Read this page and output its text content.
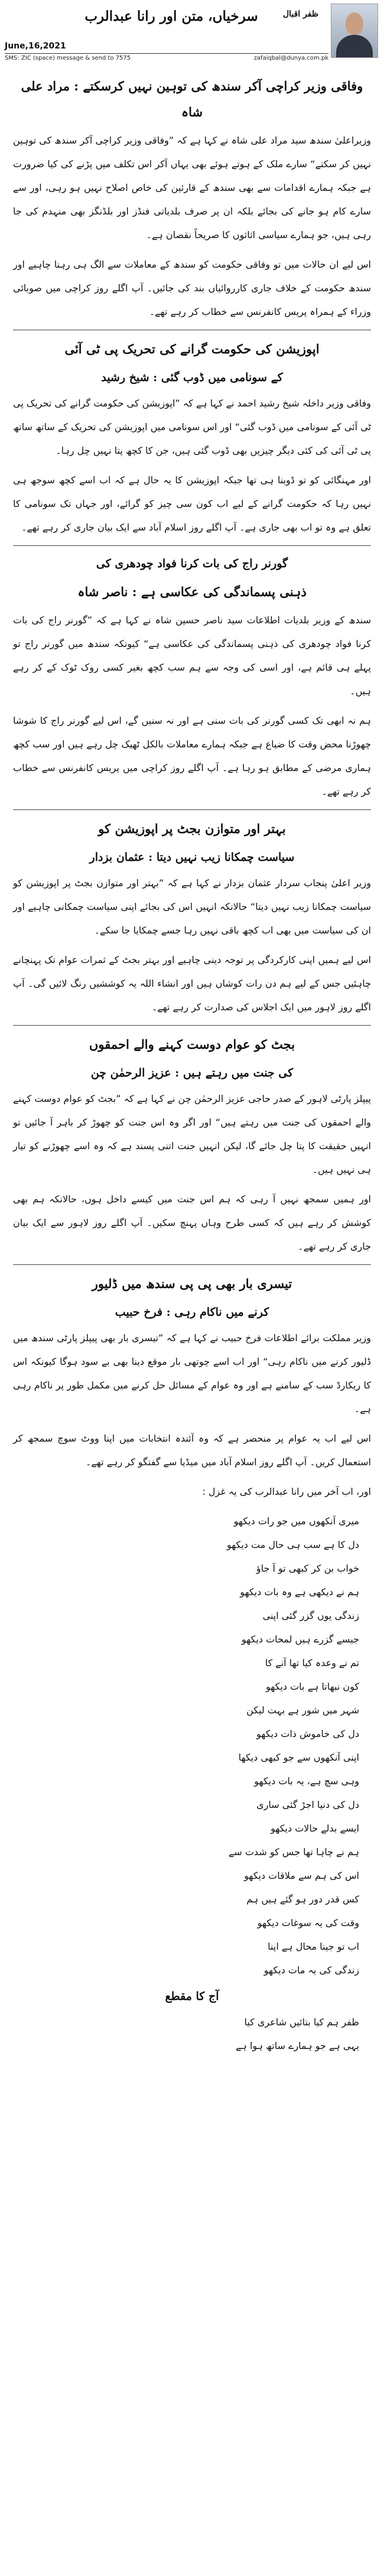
سرخیاں، متن اور رانا عبدالرب	ظفر اقبال
June,16,2021
SMS: ZIC (space) message & send to 7575	zafaiqbal@dunya.com.pk
وفاقی وزیر کراچی آکر سندھ کی توہین نہیں کرسکتے : مراد علی شاہ

وزیراعلیٰ سندھ سید مراد علی شاہ نے کہا ہے کہ ”وفاقی وزیر کراچی آکر سندھ کی توہین نہیں کر سکتے“ سارے ملک کے ہوتے ہوئے بھی یہاں آکر اس تکلف میں پڑنے کی کیا ضرورت ہے جبکہ ہمارے اقدامات سے بھی سندھ کے قارئین کی خاص اصلاح نہیں ہو رہی، اور سے سارے کام ہو جانے کی بجائے بلکہ ان پر صرف بلدیاتی فنڈز اور بلڈنگز بھی منہدم کی جا رہی ہیں، جو ہمارے سیاسی اثاثوں کا صریحاً نقصان ہے۔

اس لیے ان حالات میں تو وفاقی حکومت کو سندھ کے معاملات سے الگ ہی رہنا چاہیے اور سندھ حکومت کے خلاف جاری کارروائیاں بند کی جائیں۔ آپ اگلے روز کراچی میں صوبائی وزراء کے ہمراہ پریس کانفرنس سے خطاب کر رہے تھے۔

اپوزیشن کی حکومت گرانے کی تحریک پی ٹی آئی
کے سونامی میں ڈوب گئی : شیخ رشید

وفاقی وزیر داخلہ شیخ رشید احمد نے کہا ہے کہ ”اپوزیشن کی حکومت گرانے کی تحریک پی ٹی آئی کے سونامی میں ڈوب گئی“ اور اس سونامی میں اپوزیشن کی تحریک کے ساتھ ساتھ پی ٹی آئی کی کئی دیگر چیزیں بھی ڈوب گئی ہیں، جن کا کچھ پتا نہیں چل رہا۔

اور مہنگائی کو تو ڈوبنا ہی تھا جبکہ اپوزیشن کا یہ حال ہے کہ اب اسے کچھ سوجھ ہی نہیں رہا کہ حکومت گرانے کے لیے اب کون سی چیز کو گرائے، اور جہاں تک سونامی کا تعلق ہے وہ تو اب بھی جاری ہے۔ آپ اگلے روز اسلام آباد سے ایک بیان جاری کر رہے تھے۔

گورنر راج کی بات کرنا فواد چودھری کی
ذہنی پسماندگی کی عکاسی ہے : ناصر شاہ

سندھ کے وزیر بلدیات اطلاعات سید ناصر حسین شاہ نے کہا ہے کہ ”گورنر راج کی بات کرنا فواد چودھری کی ذہنی پسماندگی کی عکاسی ہے“ کیونکہ سندھ میں گورنر راج تو پہلے ہی قائم ہے، اور اسی کی وجہ سے ہم سب کچھ بغیر کسی روک ٹوک کے کر رہے ہیں۔

ہم نہ ابھی تک کسی گورنر کی بات سنی ہے اور نہ سنیں گے، اس لیے گورنر راج کا شوشا چھوڑنا محض وقت کا ضیاع ہے جبکہ ہمارے معاملات بالکل ٹھیک چل رہے ہیں اور سب کچھ ہماری مرضی کے مطابق ہو رہا ہے۔ آپ اگلے روز کراچی میں پریس کانفرنس سے خطاب کر رہے تھے۔

بہتر اور متوازن بجٹ پر اپوزیشن کو
سیاست چمکانا زیب نہیں دیتا : عثمان بزدار

وزیر اعلیٰ پنجاب سردار عثمان بزدار نے کہا ہے کہ ”بہتر اور متوازن بجٹ پر اپوزیشن کو سیاست چمکانا زیب نہیں دیتا“ حالانکہ انہیں اس کی بجائے اپنی سیاست چمکانی چاہیے اور ان کی سیاست میں بھی اب کچھ باقی نہیں رہا جسے چمکایا جا سکے۔

اس لیے ہمیں اپنی کارکردگی پر توجہ دینی چاہیے اور بہتر بجٹ کے ثمرات عوام تک پہنچانے چاہئیں جس کے لیے ہم دن رات کوشاں ہیں اور انشاء اللہ یہ کوششیں رنگ لائیں گی۔ آپ اگلے روز لاہور میں ایک اجلاس کی صدارت کر رہے تھے۔

بجٹ کو عوام دوست کہنے والے احمقوں
کی جنت میں رہتے ہیں : عزیز الرحمٰن چن

پیپلز پارٹی لاہور کے صدر حاجی عزیز الرحمٰن چن نے کہا ہے کہ ”بجٹ کو عوام دوست کہنے والے احمقوں کی جنت میں رہتے ہیں“ اور اگر وہ اس جنت کو چھوڑ کر باہر آ جائیں تو انہیں حقیقت کا پتا چل جائے گا، لیکن انہیں جنت اتنی پسند ہے کہ وہ اسے چھوڑنے کو تیار ہی نہیں ہیں۔

اور ہمیں سمجھ نہیں آ رہی کہ ہم اس جنت میں کیسے داخل ہوں، حالانکہ ہم بھی کوشش کر رہے ہیں کہ کسی طرح وہاں پہنچ سکیں۔ آپ اگلے روز لاہور سے ایک بیان جاری کر رہے تھے۔

تیسری بار بھی پی پی سندھ میں ڈلیور
کرنے میں ناکام رہی : فرخ حبیب

وزیر مملکت برائے اطلاعات فرخ حبیب نے کہا ہے کہ ”تیسری بار بھی پیپلز پارٹی سندھ میں ڈلیور کرنے میں ناکام رہی“ اور اب اسے چوتھی بار موقع دینا بھی بے سود ہوگا کیونکہ اس کا ریکارڈ سب کے سامنے ہے اور وہ عوام کے مسائل حل کرنے میں مکمل طور پر ناکام رہی ہے۔

اس لیے اب یہ عوام پر منحصر ہے کہ وہ آئندہ انتخابات میں اپنا ووٹ سوچ سمجھ کر استعمال کریں۔ آپ اگلے روز اسلام آباد میں میڈیا سے گفتگو کر رہے تھے۔

اور، اب آخر میں رانا عبدالرب کی یہ غزل :

میری آنکھوں میں جو رات دیکھو
دل کا ہے سب ہی حال مت دیکھو
خواب بن کر کبھی تو آ جاؤ
ہم نے دیکھی ہے وہ بات دیکھو
زندگی یوں گزر گئی اپنی
جیسے گزرے ہیں لمحات دیکھو
تم نے وعدہ کیا تھا آنے کا
کون نبھاتا ہے بات دیکھو
شہر میں شور ہے بہت لیکن
دل کی خاموش ذات دیکھو
اپنی آنکھوں سے جو کبھی دیکھا
وہی سچ ہے، یہ بات دیکھو
دل کی دنیا اجڑ گئی ساری
ایسے بدلے حالات دیکھو
ہم نے چاہا تھا جس کو شدت سے
اس کی ہم سے ملاقات دیکھو
کس قدر دور ہو گئے ہیں ہم
وقت کی یہ سوغات دیکھو
اب تو جینا محال ہے اپنا
زندگی کی یہ مات دیکھو
آج کا مقطع
ظفر ہم کیا بتائیں شاعری کیا
یہی ہے جو ہمارے ساتھ ہوا ہے
